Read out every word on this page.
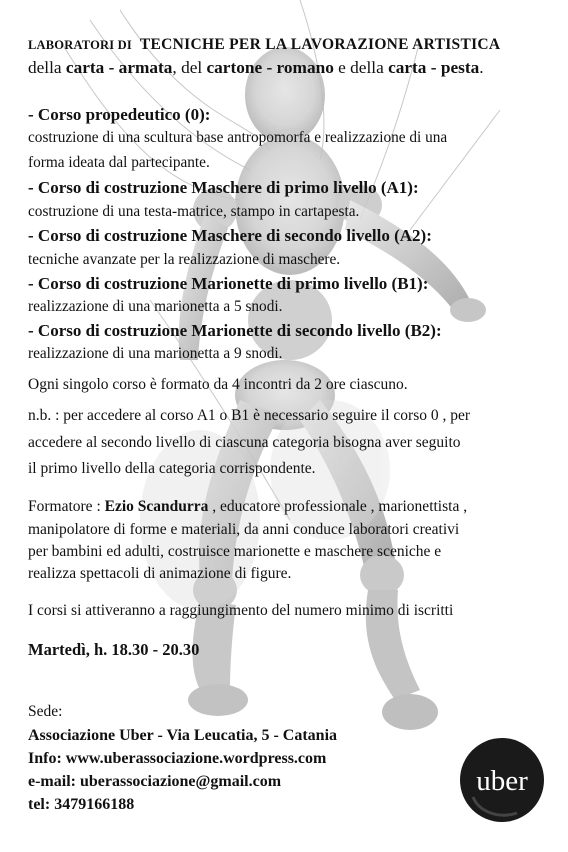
LABORATORI DI TECNICHE PER LA LAVORAZIONE ARTISTICA
della carta - armata, del cartone - romano e della carta - pesta.
- Corso propedeutico (0):
costruzione di una scultura base antropomorfa e realizzazione di una
forma ideata dal partecipante.
- Corso di costruzione Maschere di primo livello (A1):
costruzione di una testa-matrice, stampo in cartapesta.
- Corso di costruzione Maschere di secondo livello (A2):
tecniche avanzate per la realizzazione di maschere.
- Corso di costruzione Marionette di primo livello (B1):
realizzazione di una marionetta a 5 snodi.
- Corso di costruzione Marionette di secondo livello (B2):
realizzazione di una marionetta a 9 snodi.
Ogni singolo corso è formato da 4 incontri da 2 ore ciascuno.
n.b. : per accedere al corso A1 o B1 è necessario seguire il corso 0 , per
accedere al secondo livello di ciascuna categoria bisogna aver seguito
il primo livello della categoria corrispondente.
Formatore : Ezio Scandurra , educatore professionale , marionettista ,
manipolatore di forme e materiali, da anni conduce laboratori creativi
per bambini ed adulti, costruisce marionette e maschere sceniche e
realizza spettacoli di animazione di figure.
I corsi si attiveranno a raggiungimento del numero minimo di iscritti
Martedì, h. 18.30 - 20.30
Sede:
Associazione Uber - Via Leucatia, 5 - Catania
Info: www.uberassociazione.wordpress.com
e-mail: uberassociazione@gmail.com
tel: 3479166188
uber
